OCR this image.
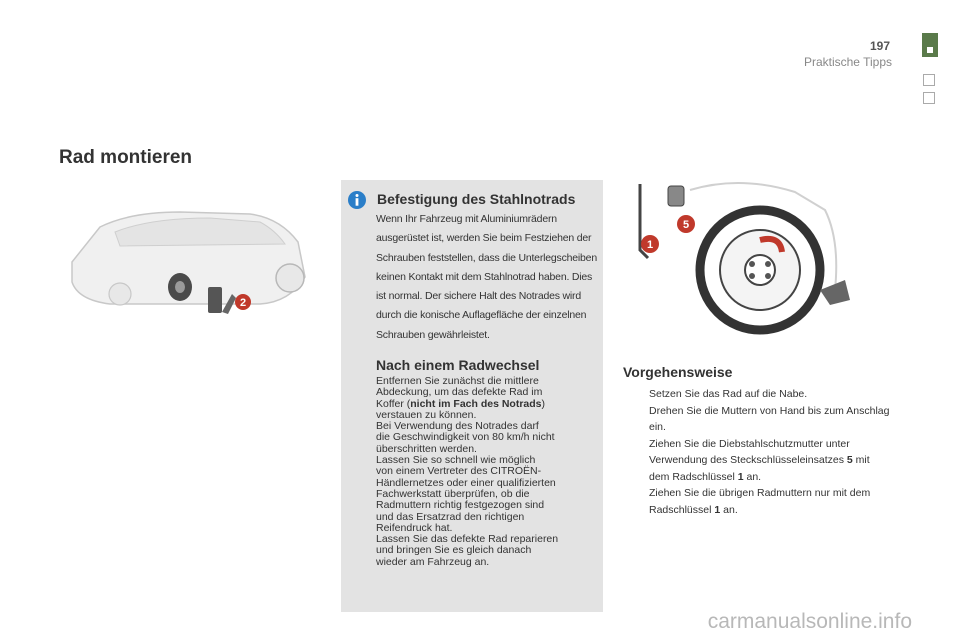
197
Praktische Tipps
Rad montieren
2
Befestigung des Stahlnotrads

Wenn Ihr Fahrzeug mit Aluminiumrädern ausgerüstet ist, werden Sie beim Festziehen der Schrauben feststellen, dass die Unterlegscheiben keinen Kontakt mit dem Stahlnotrad haben. Dies ist normal. Der sichere Halt des Notrades wird durch die konische Auflagefläche der einzelnen Schrauben gewährleistet.

Nach einem Radwechsel

Entfernen Sie zunächst die mittlere
Abdeckung, um das defekte Rad im
Koffer (nicht im Fach des Notrads)
verstauen zu können.
Bei Verwendung des Notrades darf
die Geschwindigkeit von 80 km/h nicht
überschritten werden.
Lassen Sie so schnell wie möglich
von einem Vertreter des CITROËN-
Händlernetzes oder einer qualifizierten
Fachwerkstatt überprüfen, ob die
Radmuttern richtig festgezogen sind
und das Ersatzrad den richtigen
Reifendruck hat.
Lassen Sie das defekte Rad reparieren
und bringen Sie es gleich danach
wieder am Fahrzeug an.

1
5
Vorgehensweise
Setzen Sie das Rad auf die Nabe.
Drehen Sie die Muttern von Hand bis zum Anschlag ein.
Ziehen Sie die Diebstahlschutzmutter unter Verwendung des Steckschlüsseleinsatzes 5 mit dem Radschlüssel 1 an.
Ziehen Sie die übrigen Radmuttern nur mit dem Radschlüssel 1 an.
carmanualsonline.info
